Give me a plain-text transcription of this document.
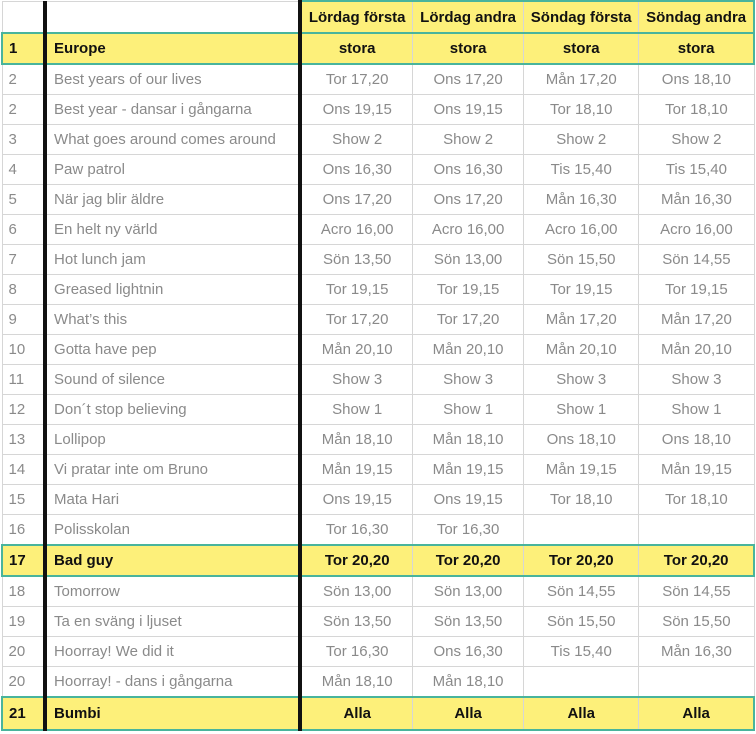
		Lördag första	Lördag andra	Söndag första	Söndag andra
1	Europe	stora	stora	stora	stora
2	Best years of our lives	Tor 17,20	Ons 17,20	Mån 17,20	Ons 18,10
2	Best year - dansar i gångarna	Ons 19,15	Ons 19,15	Tor 18,10	Tor 18,10
3	What goes around comes around	Show 2	Show 2	Show 2	Show 2
4	Paw patrol	Ons 16,30	Ons 16,30	Tis 15,40	Tis 15,40
5	När jag blir äldre	Ons 17,20	Ons 17,20	Mån 16,30	Mån 16,30
6	En helt ny värld	Acro 16,00	Acro 16,00	Acro 16,00	Acro 16,00
7	Hot lunch jam	Sön 13,50	Sön 13,00	Sön 15,50	Sön 14,55
8	Greased lightnin	Tor 19,15	Tor 19,15	Tor 19,15	Tor 19,15
9	What’s this	Tor 17,20	Tor 17,20	Mån 17,20	Mån 17,20
10	Gotta have pep	Mån 20,10	Mån 20,10	Mån 20,10	Mån 20,10
11	Sound of silence	Show 3	Show 3	Show 3	Show 3
12	Don´t stop believing	Show 1	Show 1	Show 1	Show 1
13	Lollipop	Mån 18,10	Mån 18,10	Ons 18,10	Ons 18,10
14	Vi pratar inte om Bruno	Mån 19,15	Mån 19,15	Mån 19,15	Mån 19,15
15	Mata Hari	Ons 19,15	Ons 19,15	Tor 18,10	Tor 18,10
16	Polisskolan	Tor 16,30	Tor 16,30		
17	Bad guy	Tor 20,20	Tor 20,20	Tor 20,20	Tor 20,20
18	Tomorrow	Sön 13,00	Sön 13,00	Sön 14,55	Sön 14,55
19	Ta en sväng i ljuset	Sön 13,50	Sön 13,50	Sön 15,50	Sön 15,50
20	Hoorray! We did it	Tor 16,30	Ons 16,30	Tis 15,40	Mån 16,30
20	Hoorray! - dans i gångarna	Mån 18,10	Mån 18,10		
21	Bumbi	Alla	Alla	Alla	Alla
